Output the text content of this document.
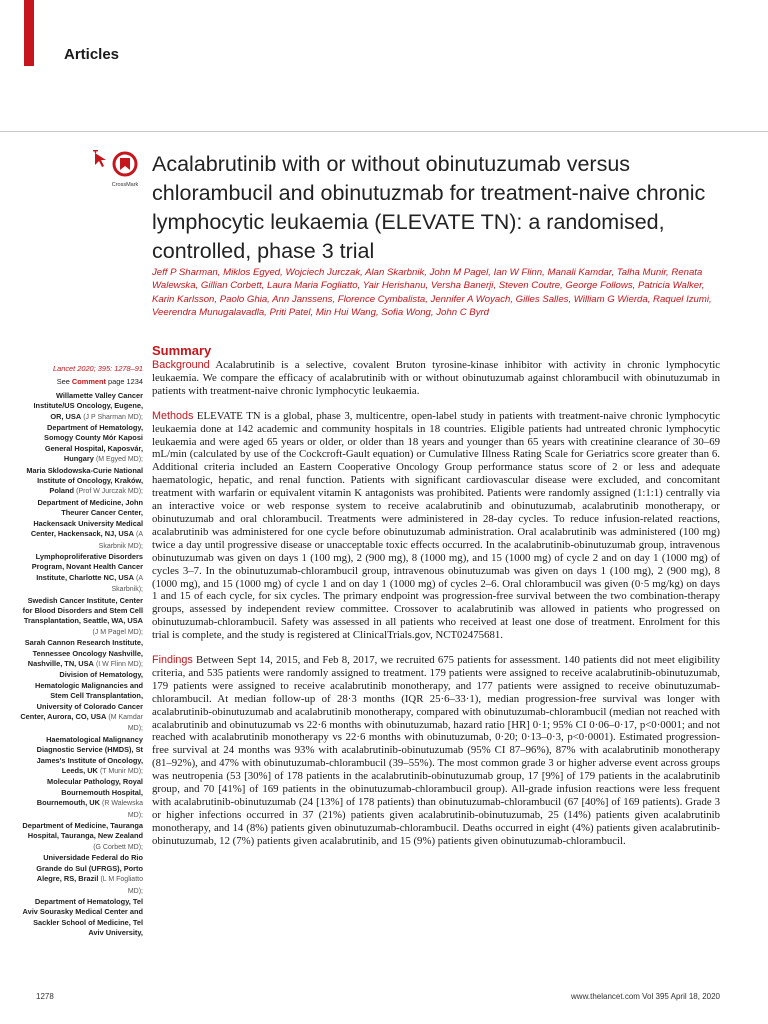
Articles
CrossMark
Acalabrutinib with or without obinutuzumab versus chlorambucil and obinutuzmab for treatment-naive chronic lymphocytic leukaemia (ELEVATE TN): a randomised, controlled, phase 3 trial

Jeff P Sharman, Miklos Egyed, Wojciech Jurczak, Alan Skarbnik, John M Pagel, Ian W Flinn, Manali Kamdar, Talha Munir, Renata Walewska, Gillian Corbett, Laura Maria Fogliatto, Yair Herishanu, Versha Banerji, Steven Coutre, George Follows, Patricia Walker, Karin Karlsson, Paolo Ghia, Ann Janssens, Florence Cymbalista, Jennifer A Woyach, Gilles Salles, William G Wierda, Raquel Izumi, Veerendra Munugalavadla, Priti Patel, Min Hui Wang, Sofia Wong, John C Byrd

Summary
Lancet 2020; 395: 1278–91
See Comment page 1234
Willamette Valley Cancer Institute/US Oncology, Eugene, OR, USA (J P Sharman MD);
Department of Hematology, Somogy County Mór Kaposi General Hospital, Kaposvár, Hungary (M Egyed MD);
Maria Sklodowska-Curie National Institute of Oncology, Kraków, Poland (Prof W Jurczak MD);
Department of Medicine, John Theurer Cancer Center, Hackensack University Medical Center, Hackensack, NJ, USA (A Skarbnik MD);
Lymphoproliferative Disorders Program, Novant Health Cancer Institute, Charlotte NC, USA (A Skarbnik);
Swedish Cancer Institute, Center for Blood Disorders and Stem Cell Transplantation, Seattle, WA, USA (J M Pagel MD);
Sarah Cannon Research Institute, Tennessee Oncology Nashville, Nashville, TN, USA (I W Flinn MD);
Division of Hematology, Hematologic Malignancies and Stem Cell Transplantation, University of Colorado Cancer Center, Aurora, CO, USA (M Kamdar MD);
Haematological Malignancy Diagnostic Service (HMDS), St James's Institute of Oncology, Leeds, UK (T Munir MD);
Molecular Pathology, Royal Bournemouth Hospital, Bournemouth, UK (R Walewska MD);
Department of Medicine, Tauranga Hospital, Tauranga, New Zealand (G Corbett MD);
Universidade Federal do Rio Grande do Sul (UFRGS), Porto Alegre, RS, Brazil (L M Fogliatto MD);
Department of Hematology, Tel Aviv Sourasky Medical Center and Sackler School of Medicine, Tel Aviv University,

Background Acalabrutinib is a selective, covalent Bruton tyrosine-kinase inhibitor with activity in chronic lymphocytic leukaemia. We compare the efficacy of acalabrutinib with or without obinutuzumab against chlorambucil with obinutuzumab in patients with treatment-naive chronic lymphocytic leukaemia.

Methods ELEVATE TN is a global, phase 3, multicentre, open-label study in patients with treatment-naive chronic lymphocytic leukaemia done at 142 academic and community hospitals in 18 countries. Eligible patients had untreated chronic lymphocytic leukaemia and were aged 65 years or older, or older than 18 years and younger than 65 years with creatinine clearance of 30–69 mL/min (calculated by use of the Cockcroft-Gault equation) or Cumulative Illness Rating Scale for Geriatrics score greater than 6. Additional criteria included an Eastern Cooperative Oncology Group performance status score of 2 or less and adequate haematologic, hepatic, and renal function. Patients with significant cardiovascular disease were excluded, and concomitant treatment with warfarin or equivalent vitamin K antagonists was prohibited. Patients were randomly assigned (1:1:1) centrally via an interactive voice or web response system to receive acalabrutinib and obinutuzumab, acalabrutinib monotherapy, or obinutuzumab and oral chlorambucil. Treatments were administered in 28-day cycles. To reduce infusion-related reactions, acalabrutinib was administered for one cycle before obinutuzumab administration. Oral acalabrutinib was administered (100 mg) twice a day until progressive disease or unacceptable toxic effects occurred. In the acalabrutinib-obinutuzumab group, intravenous obinutuzumab was given on days 1 (100 mg), 2 (900 mg), 8 (1000 mg), and 15 (1000 mg) of cycle 2 and on day 1 (1000 mg) of cycles 3–7. In the obinutuzumab-chlorambucil group, intravenous obinutuzumab was given on days 1 (100 mg), 2 (900 mg), 8 (1000 mg), and 15 (1000 mg) of cycle 1 and on day 1 (1000 mg) of cycles 2–6. Oral chlorambucil was given (0·5 mg/kg) on days 1 and 15 of each cycle, for six cycles. The primary endpoint was progression-free survival between the two combination-therapy groups, assessed by independent review committee. Crossover to acalabrutinib was allowed in patients who progressed on obinutuzumab-chlorambucil. Safety was assessed in all patients who received at least one dose of treatment. Enrolment for this trial is complete, and the study is registered at ClinicalTrials.gov, NCT02475681.

Findings Between Sept 14, 2015, and Feb 8, 2017, we recruited 675 patients for assessment. 140 patients did not meet eligibility criteria, and 535 patients were randomly assigned to treatment. 179 patients were assigned to receive acalabrutinib-obinutuzumab, 179 patients were assigned to receive acalabrutinib monotherapy, and 177 patients were assigned to receive obinutuzumab-chlorambucil. At median follow-up of 28·3 months (IQR 25·6–33·1), median progression-free survival was longer with acalabrutinib-obinutuzumab and acalabrutinib monotherapy, compared with obinutuzumab-chlorambucil (median not reached with acalabrutinib and obinutuzumab vs 22·6 months with obinutuzumab, hazard ratio [HR] 0·1; 95% CI 0·06–0·17, p<0·0001; and not reached with acalabrutinib monotherapy vs 22·6 months with obinutuzumab, 0·20; 0·13–0·3, p<0·0001). Estimated progression-free survival at 24 months was 93% with acalabrutinib-obinutuzumab (95% CI 87–96%), 87% with acalabrutinib monotherapy (81–92%), and 47% with obinutuzumab-chlorambucil (39–55%). The most common grade 3 or higher adverse event across groups was neutropenia (53 [30%] of 178 patients in the acalabrutinib-obinutuzumab group, 17 [9%] of 179 patients in the acalabrutinib group, and 70 [41%] of 169 patients in the obinutuzumab-chlorambucil group). All-grade infusion reactions were less frequent with acalabrutinib-obinutuzumab (24 [13%] of 178 patients) than obinutuzumab-chlorambucil (67 [40%] of 169 patients). Grade 3 or higher infections occurred in 37 (21%) patients given acalabrutinib-obinutuzumab, 25 (14%) patients given acalabrutinib monotherapy, and 14 (8%) patients given obinutuzumab-chlorambucil. Deaths occurred in eight (4%) patients given acalabrutinib-obinutuzumab, 12 (7%) patients given acalabrutinib, and 15 (9%) patients given obinutuzumab-chlorambucil.

1278	www.thelancet.com Vol 395 April 18, 2020
